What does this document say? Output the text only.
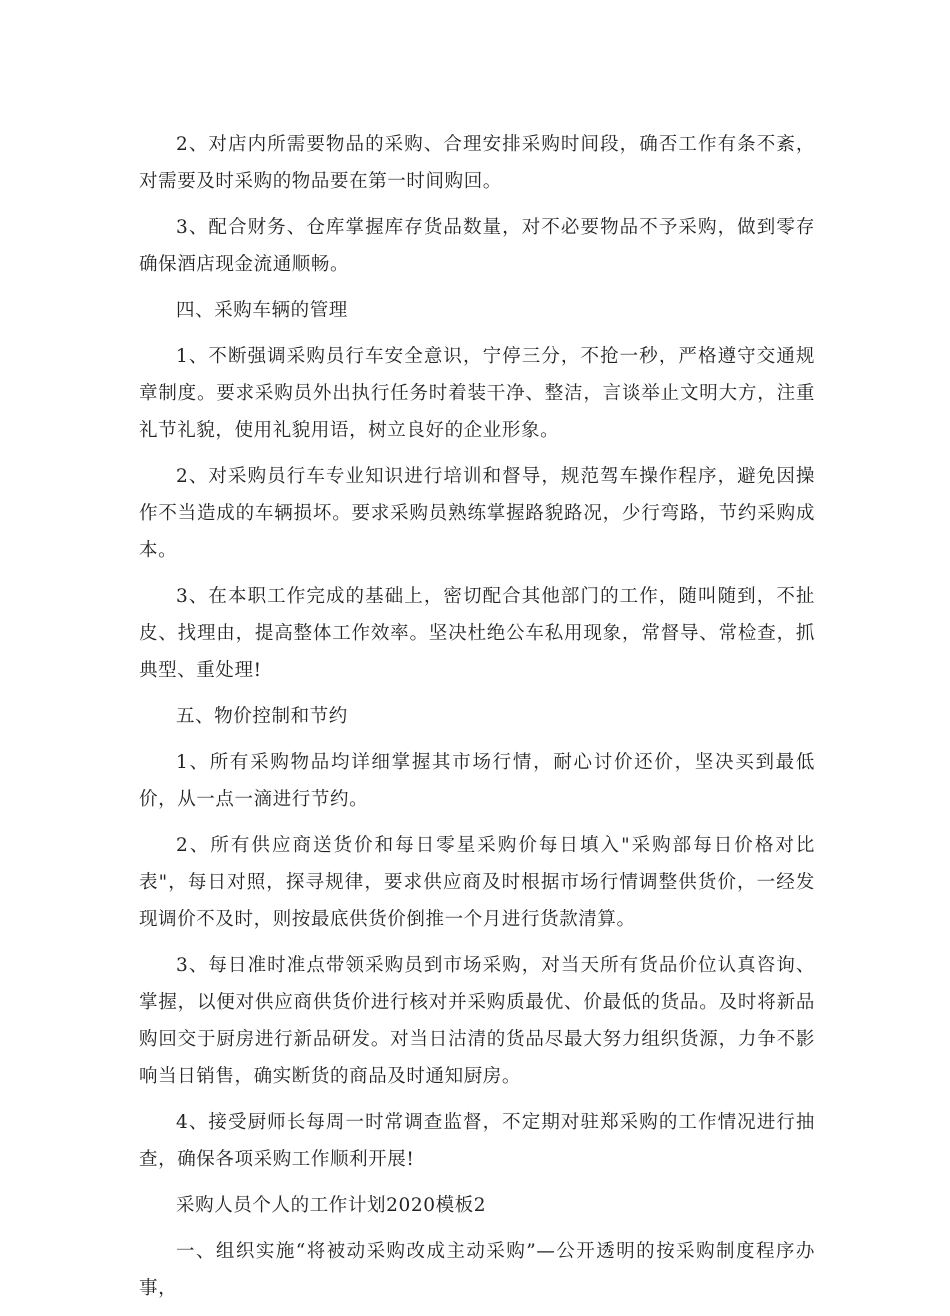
2、对店内所需要物品的采购、合理安排采购时间段，确否工作有条不紊，对需要及时采购的物品要在第一时间购回。

3、配合财务、仓库掌握库存货品数量，对不必要物品不予采购，做到零存确保酒店现金流通顺畅。

四、采购车辆的管理

1、不断强调采购员行车安全意识，宁停三分，不抢一秒，严格遵守交通规章制度。要求采购员外出执行任务时着装干净、整洁，言谈举止文明大方，注重礼节礼貌，使用礼貌用语，树立良好的企业形象。

2、对采购员行车专业知识进行培训和督导，规范驾车操作程序，避免因操作不当造成的车辆损坏。要求采购员熟练掌握路貌路况，少行弯路，节约采购成本。

3、在本职工作完成的基础上，密切配合其他部门的工作，随叫随到，不扯皮、找理由，提高整体工作效率。坚决杜绝公车私用现象，常督导、常检查，抓典型、重处理!

五、物价控制和节约

1、所有采购物品均详细掌握其市场行情，耐心讨价还价，坚决买到最低价，从一点一滴进行节约。

2、所有供应商送货价和每日零星采购价每日填入"采购部每日价格对比表"，每日对照，探寻规律，要求供应商及时根据市场行情调整供货价，一经发现调价不及时，则按最底供货价倒推一个月进行货款清算。

3、每日准时准点带领采购员到市场采购，对当天所有货品价位认真咨询、掌握，以便对供应商供货价进行核对并采购质最优、价最低的货品。及时将新品购回交于厨房进行新品研发。对当日沽清的货品尽最大努力组织货源，力争不影响当日销售，确实断货的商品及时通知厨房。

4、接受厨师长每周一时常调查监督，不定期对驻郑采购的工作情况进行抽查，确保各项采购工作顺利开展!

采购人员个人的工作计划2020模板2

一、组织实施“将被动采购改成主动采购”—公开透明的按采购制度程序办事，
